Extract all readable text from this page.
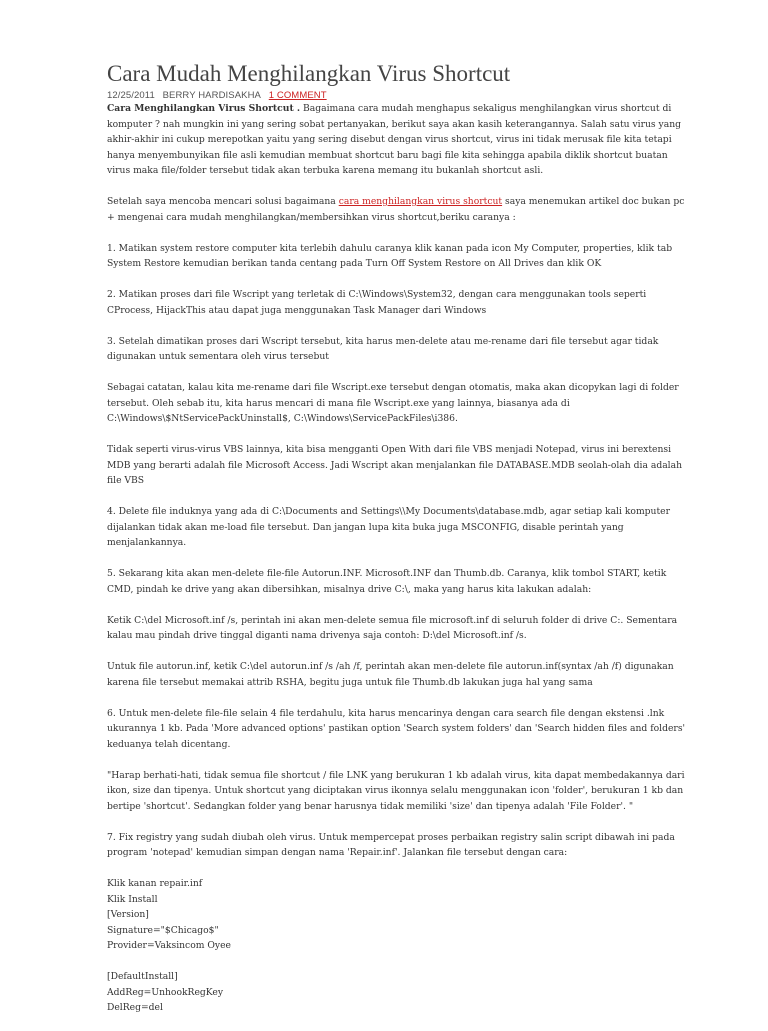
Cara Mudah Menghilangkan Virus Shortcut
12/25/2011 BERRY HARDISAKHA 1 COMMENT

Cara Menghilangkan Virus Shortcut . Bagaimana cara mudah menghapus sekaligus menghilangkan virus shortcut di komputer ? nah mungkin ini yang sering sobat pertanyakan, berikut saya akan kasih keterangannya. Salah satu virus yang akhir-akhir ini cukup merepotkan yaitu yang sering disebut dengan virus shortcut, virus ini tidak merusak file kita tetapi hanya menyembunyikan file asli kemudian membuat shortcut baru bagi file kita sehingga apabila diklik shortcut buatan virus maka file/folder tersebut tidak akan terbuka karena memang itu bukanlah shortcut asli.

Setelah saya mencoba mencari solusi bagaimana cara menghilangkan virus shortcut saya menemukan artikel doc bukan pc + mengenai cara mudah menghilangkan/membersihkan virus shortcut,beriku caranya :

1. Matikan system restore computer kita terlebih dahulu caranya klik kanan pada icon My Computer, properties, klik tab System Restore kemudian berikan tanda centang pada Turn Off System Restore on All Drives dan klik OK

2. Matikan proses dari file Wscript yang terletak di C:\Windows\System32, dengan cara menggunakan tools seperti CProcess, HijackThis atau dapat juga menggunakan Task Manager dari Windows

3. Setelah dimatikan proses dari Wscript tersebut, kita harus men-delete atau me-rename dari file tersebut agar tidak digunakan untuk sementara oleh virus tersebut

Sebagai catatan, kalau kita me-rename dari file Wscript.exe tersebut dengan otomatis, maka akan dicopykan lagi di folder tersebut. Oleh sebab itu, kita harus mencari di mana file Wscript.exe yang lainnya, biasanya ada di C:\Windows\$NtServicePackUninstall$, C:\Windows\ServicePackFiles\i386.

Tidak seperti virus-virus VBS lainnya, kita bisa mengganti Open With dari file VBS menjadi Notepad, virus ini berextensi MDB yang berarti adalah file Microsoft Access. Jadi Wscript akan menjalankan file DATABASE.MDB seolah-olah dia adalah file VBS

4. Delete file induknya yang ada di C:\Documents and Settings\\My Documents\database.mdb, agar setiap kali komputer dijalankan tidak akan me-load file tersebut. Dan jangan lupa kita buka juga MSCONFIG, disable perintah yang menjalankannya.

5. Sekarang kita akan men-delete file-file Autorun.INF. Microsoft.INF dan Thumb.db. Caranya, klik tombol START, ketik CMD, pindah ke drive yang akan dibersihkan, misalnya drive C:\, maka yang harus kita lakukan adalah:

Ketik C:\del Microsoft.inf /s, perintah ini akan men-delete semua file microsoft.inf di seluruh folder di drive C:. Sementara kalau mau pindah drive tinggal diganti nama drivenya saja contoh: D:\del Microsoft.inf /s.

Untuk file autorun.inf, ketik C:\del autorun.inf /s /ah /f, perintah akan men-delete file autorun.inf(syntax /ah /f) digunakan karena file tersebut memakai attrib RSHA, begitu juga untuk file Thumb.db lakukan juga hal yang sama

6. Untuk men-delete file-file selain 4 file terdahulu, kita harus mencarinya dengan cara search file dengan ekstensi .lnk ukurannya 1 kb. Pada 'More advanced options' pastikan option 'Search system folders' dan 'Search hidden files and folders' keduanya telah dicentang.

"Harap berhati-hati, tidak semua file shortcut / file LNK yang berukuran 1 kb adalah virus, kita dapat membedakannya dari ikon, size dan tipenya. Untuk shortcut yang diciptakan virus ikonnya selalu menggunakan icon 'folder', berukuran 1 kb dan bertipe 'shortcut'. Sedangkan folder yang benar harusnya tidak memiliki 'size' dan tipenya adalah 'File Folder'. "

7. Fix registry yang sudah diubah oleh virus. Untuk mempercepat proses perbaikan registry salin script dibawah ini pada program 'notepad' kemudian simpan dengan nama 'Repair.inf'. Jalankan file tersebut dengan cara:

Klik kanan repair.inf
Klik Install
[Version]
Signature="$Chicago$"
Provider=Vaksincom Oyee

[DefaultInstall]
AddReg=UnhookRegKey
DelReg=del
